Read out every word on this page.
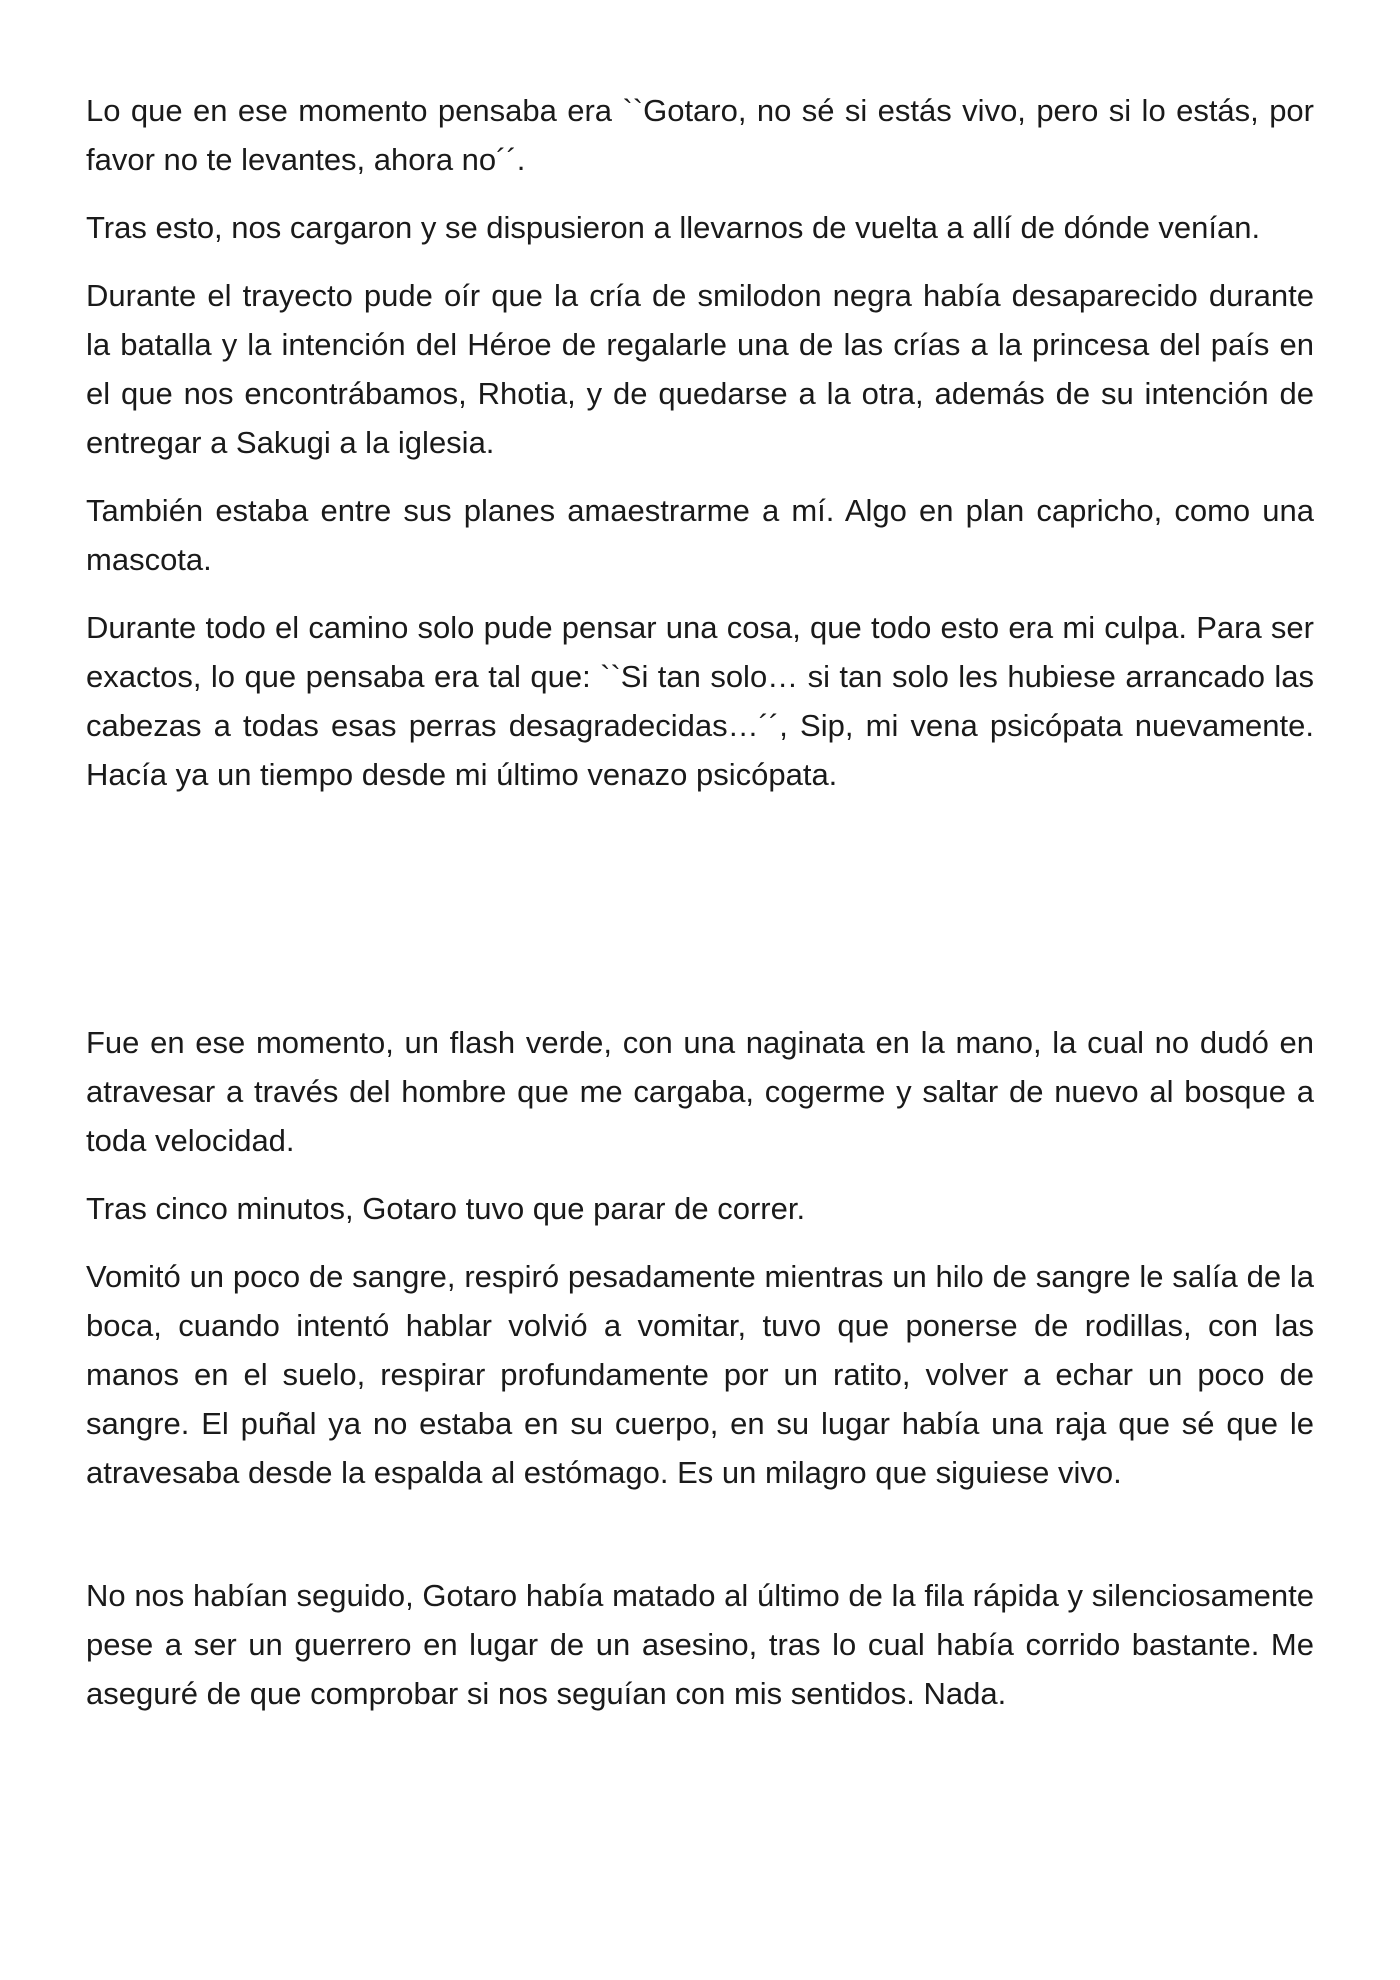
Lo que en ese momento pensaba era ``Gotaro, no sé si estás vivo, pero si lo estás, por favor no te levantes, ahora no´´.

Tras esto, nos cargaron y se dispusieron a llevarnos de vuelta a allí de dónde venían.

Durante el trayecto pude oír que la cría de smilodon negra había desaparecido durante la batalla y la intención del Héroe de regalarle una de las crías a la princesa del país en el que nos encontrábamos, Rhotia, y de quedarse a la otra, además de su intención de entregar a Sakugi a la iglesia.

También estaba entre sus planes amaestrarme a mí. Algo en plan capricho, como una mascota.

Durante todo el camino solo pude pensar una cosa, que todo esto era mi culpa. Para ser exactos, lo que pensaba era tal que: ``Si tan solo… si tan solo les hubiese arrancado las cabezas a todas esas perras desagradecidas…´´, Sip, mi vena psicópata nuevamente. Hacía ya un tiempo desde mi último venazo psicópata.

Fue en ese momento, un flash verde, con una naginata en la mano, la cual no dudó en atravesar a través del hombre que me cargaba, cogerme y saltar de nuevo al bosque a toda velocidad.

Tras cinco minutos, Gotaro tuvo que parar de correr.

Vomitó un poco de sangre, respiró pesadamente mientras un hilo de sangre le salía de la boca, cuando intentó hablar volvió a vomitar, tuvo que ponerse de rodillas, con las manos en el suelo, respirar profundamente por un ratito, volver a echar un poco de sangre. El puñal ya no estaba en su cuerpo, en su lugar había una raja que sé que le atravesaba desde la espalda al estómago. Es un milagro que siguiese vivo.

No nos habían seguido, Gotaro había matado al último de la fila rápida y silenciosamente pese a ser un guerrero en lugar de un asesino, tras lo cual había corrido bastante. Me aseguré de que comprobar si nos seguían con mis sentidos. Nada.
